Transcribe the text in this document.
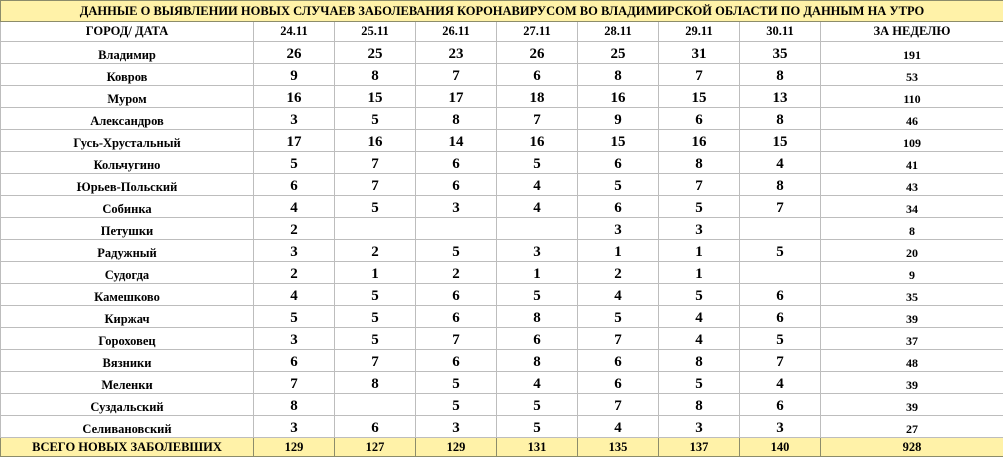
ДАННЫЕ О ВЫЯВЛЕНИИ НОВЫХ СЛУЧАЕВ ЗАБОЛЕВАНИЯ КОРОНАВИРУСОМ ВО ВЛАДИМИРСКОЙ ОБЛАСТИ ПО ДАННЫМ НА УТРО								
ГОРОД/ ДАТА	24.11	25.11	26.11	27.11	28.11	29.11	30.11	ЗА НЕДЕЛЮ
Владимир	26	25	23	26	25	31	35	191
Ковров	9	8	7	6	8	7	8	53
Муром	16	15	17	18	16	15	13	110
Александров	3	5	8	7	9	6	8	46
Гусь-Хрустальный	17	16	14	16	15	16	15	109
Кольчугино	5	7	6	5	6	8	4	41
Юрьев-Польский	6	7	6	4	5	7	8	43
Собинка	4	5	3	4	6	5	7	34
Петушки	2				3	3		8
Радужный	3	2	5	3	1	1	5	20
Судогда	2	1	2	1	2	1		9
Камешково	4	5	6	5	4	5	6	35
Киржач	5	5	6	8	5	4	6	39
Гороховец	3	5	7	6	7	4	5	37
Вязники	6	7	6	8	6	8	7	48
Меленки	7	8	5	4	6	5	4	39
Суздальский	8		5	5	7	8	6	39
Селивановский	3	6	3	5	4	3	3	27
ВСЕГО НОВЫХ ЗАБОЛЕВШИХ	129	127	129	131	135	137	140	928
